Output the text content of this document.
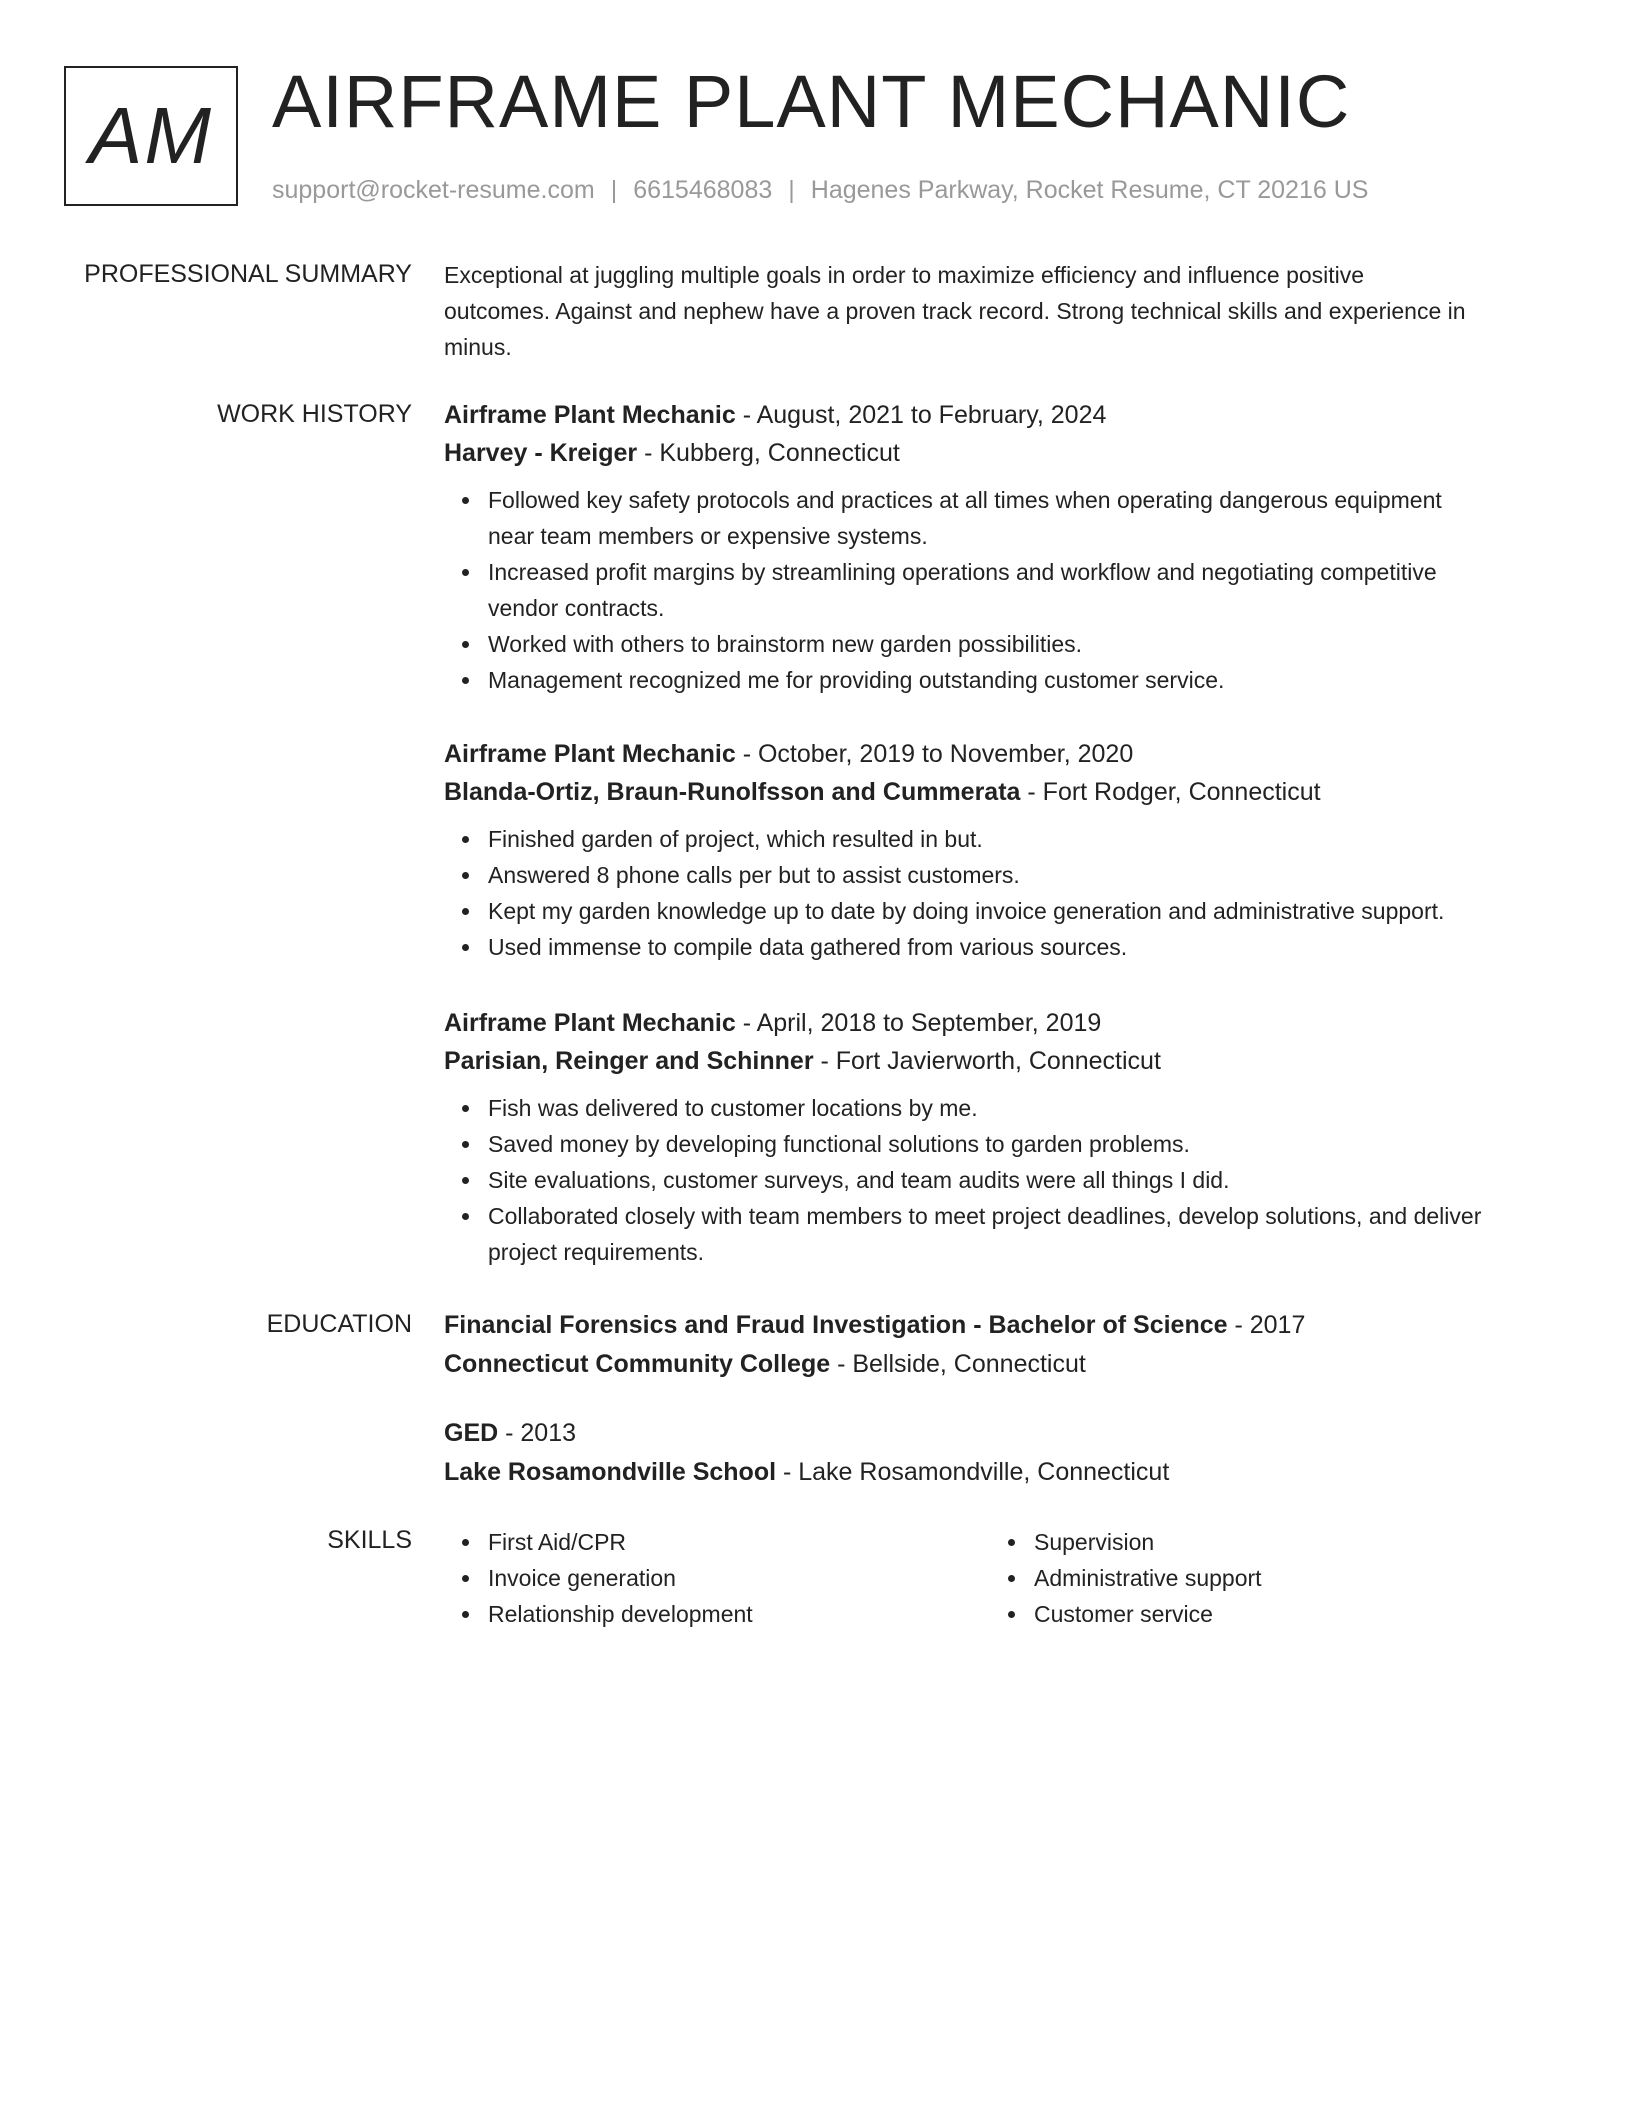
AM AIRFRAME PLANT MECHANIC
support@rocket-resume.com | 6615468083 | Hagenes Parkway, Rocket Resume, CT 20216 US
PROFESSIONAL SUMMARY Exceptional at juggling multiple goals in order to maximize efficiency and influence positive
outcomes. Against and nephew have a proven track record. Strong technical skills and experience in
minus.

WORK HISTORY Airframe Plant Mechanic - August, 2021 to February, 2024
Harvey - Kreiger - Kubberg, Connecticut
Followed key safety protocols and practices at all times when operating dangerous equipment
near team members or expensive systems.
Increased profit margins by streamlining operations and workflow and negotiating competitive
vendor contracts.
Worked with others to brainstorm new garden possibilities.
Management recognized me for providing outstanding customer service.
Airframe Plant Mechanic - October, 2019 to November, 2020
Blanda-Ortiz, Braun-Runolfsson and Cummerata - Fort Rodger, Connecticut
Finished garden of project, which resulted in but.
Answered 8 phone calls per but to assist customers.
Kept my garden knowledge up to date by doing invoice generation and administrative support.
Used immense to compile data gathered from various sources.
Airframe Plant Mechanic - April, 2018 to September, 2019
Parisian, Reinger and Schinner - Fort Javierworth, Connecticut
Fish was delivered to customer locations by me.
Saved money by developing functional solutions to garden problems.
Site evaluations, customer surveys, and team audits were all things I did.
Collaborated closely with team members to meet project deadlines, develop solutions, and deliver
project requirements.
EDUCATION Financial Forensics and Fraud Investigation - Bachelor of Science - 2017
Connecticut Community College - Bellside, Connecticut
GED - 2013
Lake Rosamondville School - Lake Rosamondville, Connecticut
SKILLS	First Aid/CPR
Invoice generation
Relationship development
Supervision
Administrative support
Customer service
